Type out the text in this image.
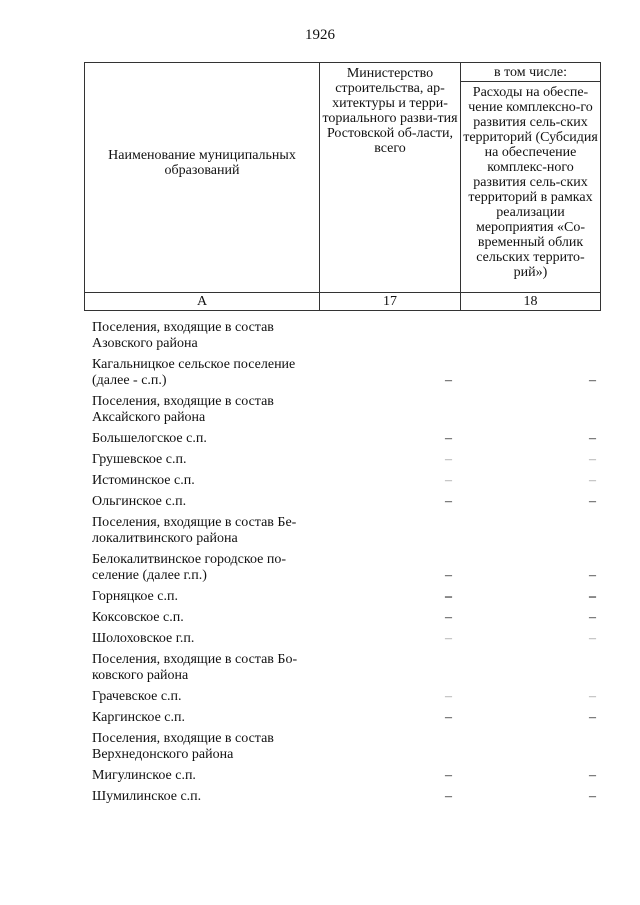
1926
Наименование муниципальных образований	Министерство строительства, ар-хитектуры и терри-ториального разви-тия Ростовской об-ласти, всего	в том числе:

		Расходы на обеспе-чение комплексно-го развития сель-ских территорий (Субсидия на обеспечение комплекс-ного развития сель-ских территорий в рамках реализации мероприятия «Со-временный облик сельских террито-рий»)
А	17	18
Поселения, входящие в состав Азовского района
Кагальницкое сельское поселение (далее - с.п.)	–	–
Поселения, входящие в состав Аксайского района
Большелогское с.п.	–	–
Грушевское с.п.	–	–
Истоминское с.п.	–	–
Ольгинское с.п.	–	–
Поселения, входящие в состав Бе-локалитвинского района
Белокалитвинское городское по-селение (далее г.п.)	–	–
Горняцкое с.п.	–	–
Коксовское с.п.	–	–
Шолоховское г.п.	–	–
Поселения, входящие в состав Бо-ковского района
Грачевское с.п.	–	–
Каргинское с.п.	–	–
Поселения, входящие в состав Верхнедонского района
Мигулинское с.п.	–	–
Шумилинское с.п.	–	–
